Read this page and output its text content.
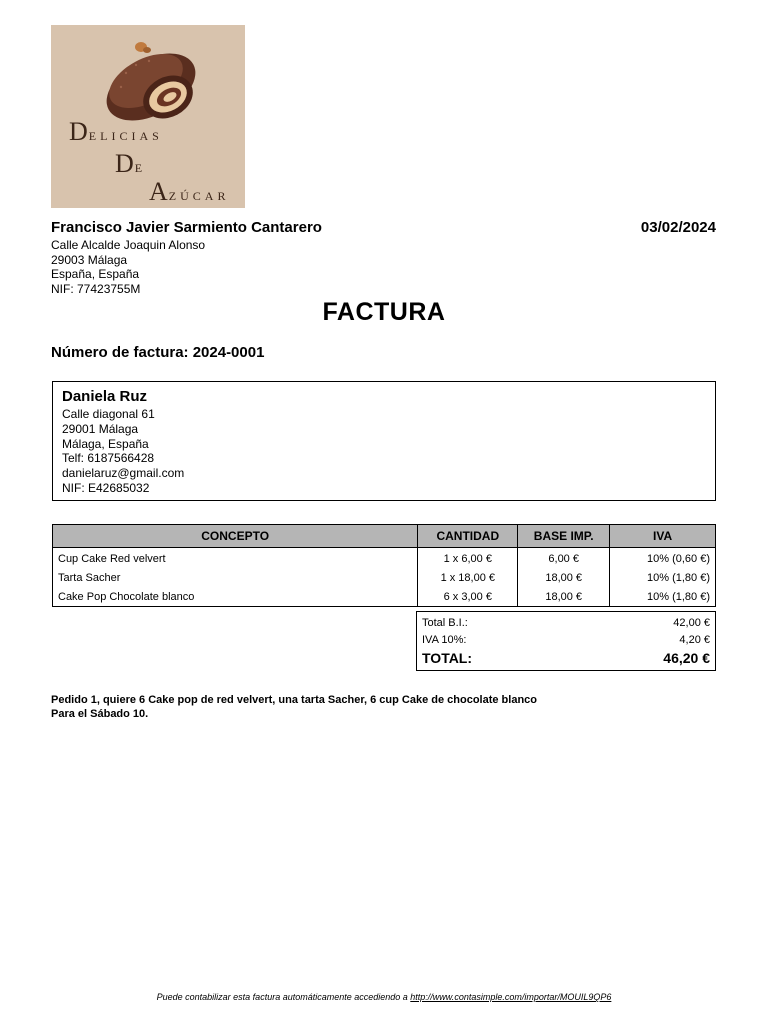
DELICIAS
DE
AZÚCAR
Francisco Javier Sarmiento Cantarero	03/02/2024
Calle Alcalde Joaquin Alonso
29003 Málaga
España, España
NIF: 77423755M
FACTURA
Número de factura: 2024-0001
Daniela Ruz
Calle diagonal 61
29001 Málaga
Málaga, España
Telf: 6187566428
danielaruz@gmail.com
NIF: E42685032
CONCEPTO	CANTIDAD	BASE IMP.	IVA
Cup Cake Red velvert	1 x 6,00 €	6,00 €	10% (0,60 €)
Tarta Sacher	1 x 18,00 €	18,00 €	10% (1,80 €)
Cake Pop Chocolate blanco	6 x 3,00 €	18,00 €	10% (1,80 €)
Total B.I.:	42,00 €
IVA 10%:	4,20 €
TOTAL:	46,20 €
Pedido 1, quiere 6 Cake pop de red velvert, una tarta Sacher, 6 cup Cake de chocolate blanco
Para el Sábado 10.
Puede contabilizar esta factura automáticamente accediendo a http://www.contasimple.com/importar/MOUIL9QP6
